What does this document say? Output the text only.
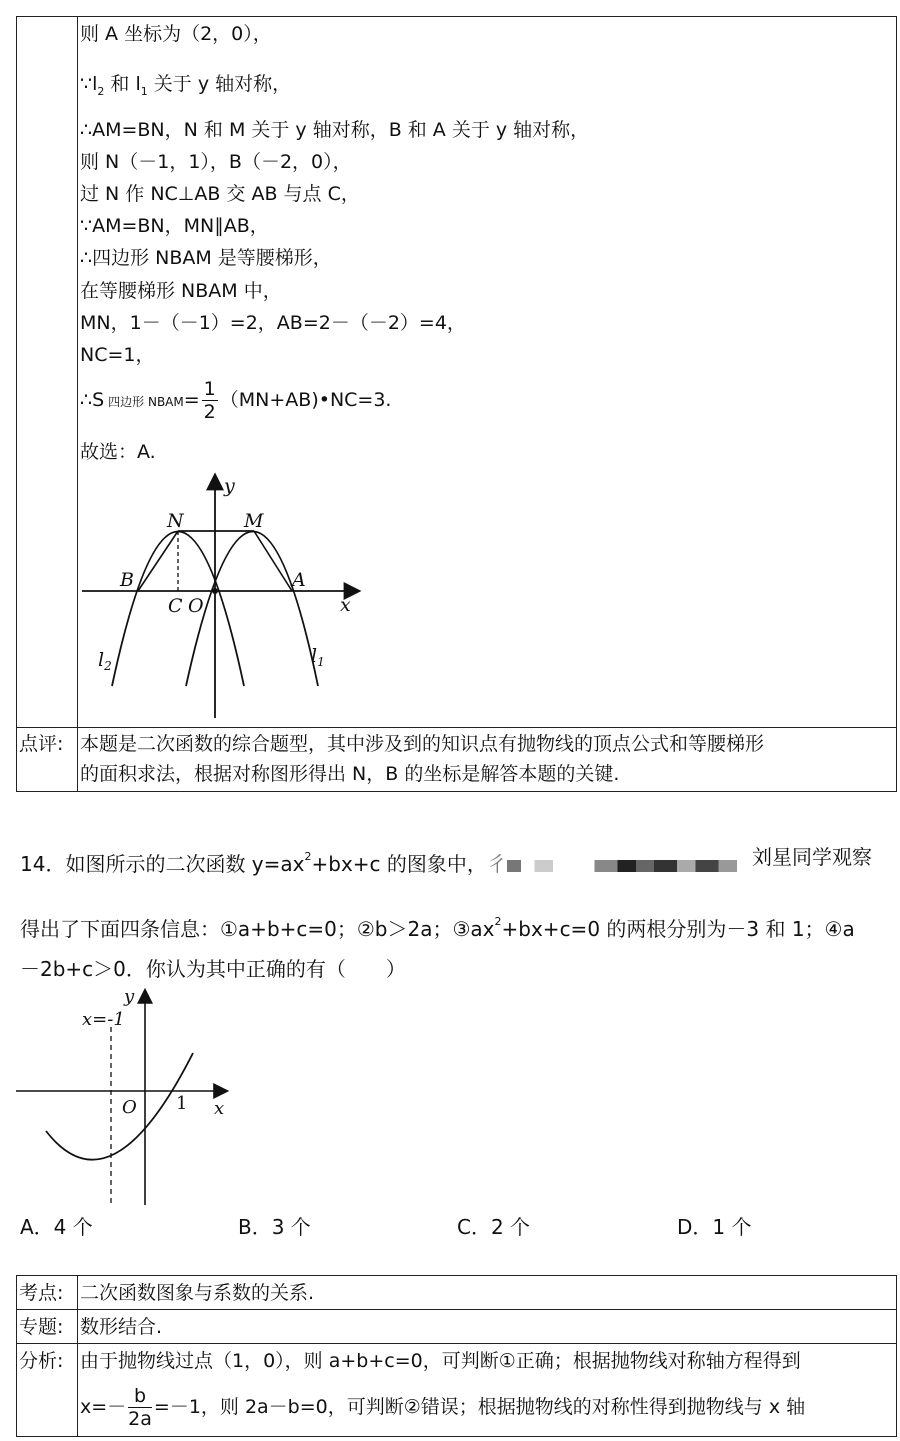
则 A 坐标为（2，0），
$\because l_2$ 和 $l_1$ 关于 y 轴对称，
∴AM=BN，N 和 M 关于 y 轴对称，B 和 A 关于 y 轴对称，
则 N（－1，1），B（－2，0），
过 N 作 NC⊥AB 交 AB 与点 C，
∵AM=BN，MN∥AB，
∴四边形 NBAM 是等腰梯形，
在等腰梯形 NBAM 中，
MN，1－（－1）=2，AB=2－（－2）=4，
NC=1，
∴S 四边形 NBAM= $\frac{1}{2}$ （MN+AB)•NC=3.
故选：A.
y
x
N	M
B	A
C O
$l_2$	$l_1$
点评: 本题是二次函数的综合题型，其中涉及到的知识点有抛物线的顶点公式和等腰梯形
的面积求法，根据对称图形得出 N，B 的坐标是解答本题的关键.
14．如图所示的二次函数 $y=ax^2+bx+c$ 的图象中，彳	刘星同学观察
得出了下面四条信息：①a+b+c=0；②b＞2a；$③ax^2+bx+c=0$ 的两根分别为－3 和 1；④a
－2b+c＞0．你认为其中正确的有（　　）
x=-1
y
x
O 1
A．4 个	B．3 个	C．2 个	D．1 个
考点: 二次函数图象与系数的关系.
专题: 数形结合.
分析: 由于抛物线过点（1，0），则 a+b+c=0，可判断①正确；根据抛物线对称轴方程得到
$x=- \frac{b}{2a} =-1$，则 2a－b=0，可判断②错误；根据抛物线的对称性得到抛物线与 x 轴
